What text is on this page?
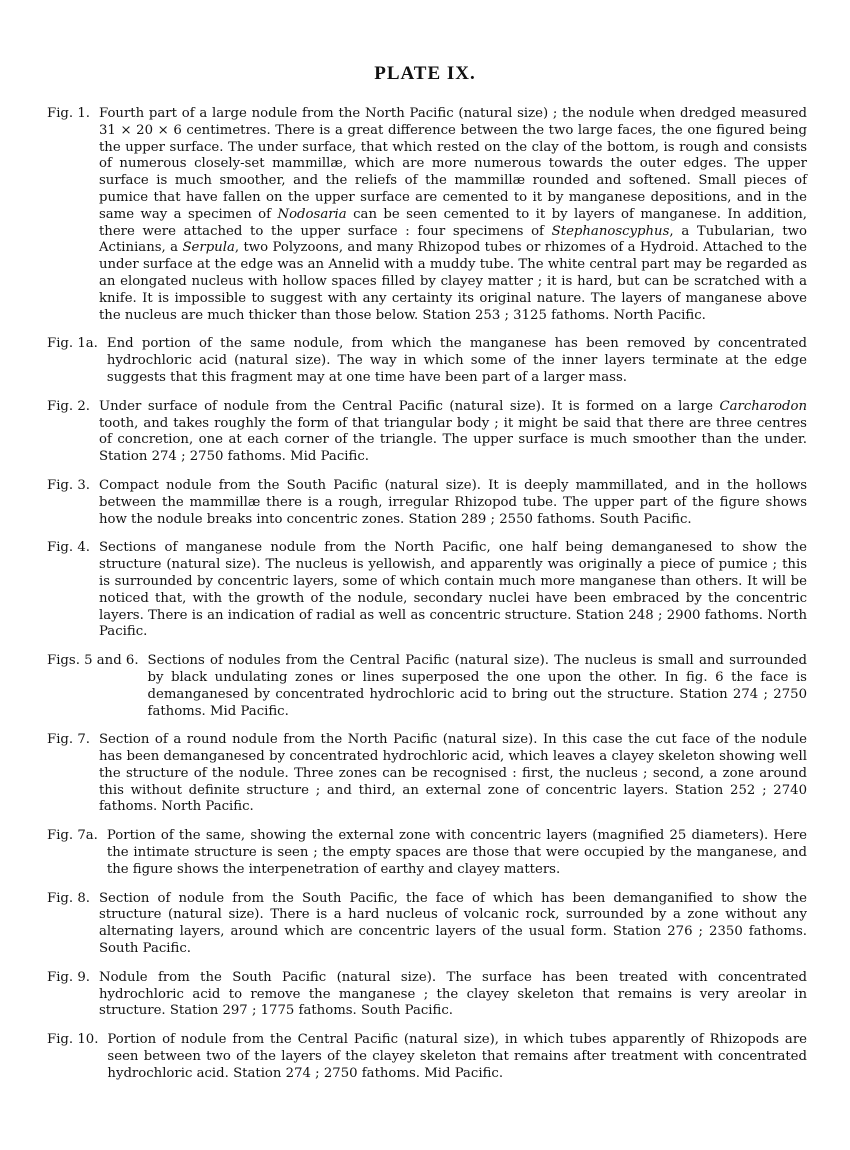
PLATE IX.
Fig. 1. Fourth part of a large nodule from the North Pacific (natural size) ; the nodule when dredged measured 31 × 20 × 6 centimetres. There is a great difference between the two large faces, the one figured being the upper surface. The under surface, that which rested on the clay of the bottom, is rough and consists of numerous closely-set mammillæ, which are more numerous towards the outer edges. The upper surface is much smoother, and the reliefs of the mammillæ rounded and softened. Small pieces of pumice that have fallen on the upper surface are cemented to it by manganese depositions, and in the same way a specimen of Nodosaria can be seen cemented to it by layers of manganese. In addition, there were attached to the upper surface : four specimens of Stephanoscyphus, a Tubularian, two Actinians, a Serpula, two Polyzoons, and many Rhizopod tubes or rhizomes of a Hydroid. Attached to the under surface at the edge was an Annelid with a muddy tube. The white central part may be regarded as an elongated nucleus with hollow spaces filled by clayey matter ; it is hard, but can be scratched with a knife. It is impossible to suggest with any certainty its original nature. The layers of manganese above the nucleus are much thicker than those below. Station 253 ; 3125 fathoms. North Pacific.
Fig. 1a. End portion of the same nodule, from which the manganese has been removed by concentrated hydrochloric acid (natural size). The way in which some of the inner layers terminate at the edge suggests that this fragment may at one time have been part of a larger mass.
Fig. 2. Under surface of nodule from the Central Pacific (natural size). It is formed on a large Carcharodon tooth, and takes roughly the form of that triangular body ; it might be said that there are three centres of concretion, one at each corner of the triangle. The upper surface is much smoother than the under. Station 274 ; 2750 fathoms. Mid Pacific.
Fig. 3. Compact nodule from the South Pacific (natural size). It is deeply mammillated, and in the hollows between the mammillæ there is a rough, irregular Rhizopod tube. The upper part of the figure shows how the nodule breaks into concentric zones. Station 289 ; 2550 fathoms. South Pacific.
Fig. 4. Sections of manganese nodule from the North Pacific, one half being demanganesed to show the structure (natural size). The nucleus is yellowish, and apparently was originally a piece of pumice ; this is surrounded by concentric layers, some of which contain much more manganese than others. It will be noticed that, with the growth of the nodule, secondary nuclei have been embraced by the concentric layers. There is an indication of radial as well as concentric structure. Station 248 ; 2900 fathoms. North Pacific.
Figs. 5 and 6. Sections of nodules from the Central Pacific (natural size). The nucleus is small and surrounded by black undulating zones or lines superposed the one upon the other. In fig. 6 the face is demanganesed by concentrated hydrochloric acid to bring out the structure. Station 274 ; 2750 fathoms. Mid Pacific.
Fig. 7. Section of a round nodule from the North Pacific (natural size). In this case the cut face of the nodule has been demanganesed by concentrated hydrochloric acid, which leaves a clayey skeleton showing well the structure of the nodule. Three zones can be recognised : first, the nucleus ; second, a zone around this without definite structure ; and third, an external zone of concentric layers. Station 252 ; 2740 fathoms. North Pacific.
Fig. 7a. Portion of the same, showing the external zone with concentric layers (magnified 25 diameters). Here the intimate structure is seen ; the empty spaces are those that were occupied by the manganese, and the figure shows the interpenetration of earthy and clayey matters.
Fig. 8. Section of nodule from the South Pacific, the face of which has been demanganified to show the structure (natural size). There is a hard nucleus of volcanic rock, surrounded by a zone without any alternating layers, around which are concentric layers of the usual form. Station 276 ; 2350 fathoms. South Pacific.
Fig. 9. Nodule from the South Pacific (natural size). The surface has been treated with concentrated hydrochloric acid to remove the manganese ; the clayey skeleton that remains is very areolar in structure. Station 297 ; 1775 fathoms. South Pacific.
Fig. 10. Portion of nodule from the Central Pacific (natural size), in which tubes apparently of Rhizopods are seen between two of the layers of the clayey skeleton that remains after treatment with concentrated hydrochloric acid. Station 274 ; 2750 fathoms. Mid Pacific.
